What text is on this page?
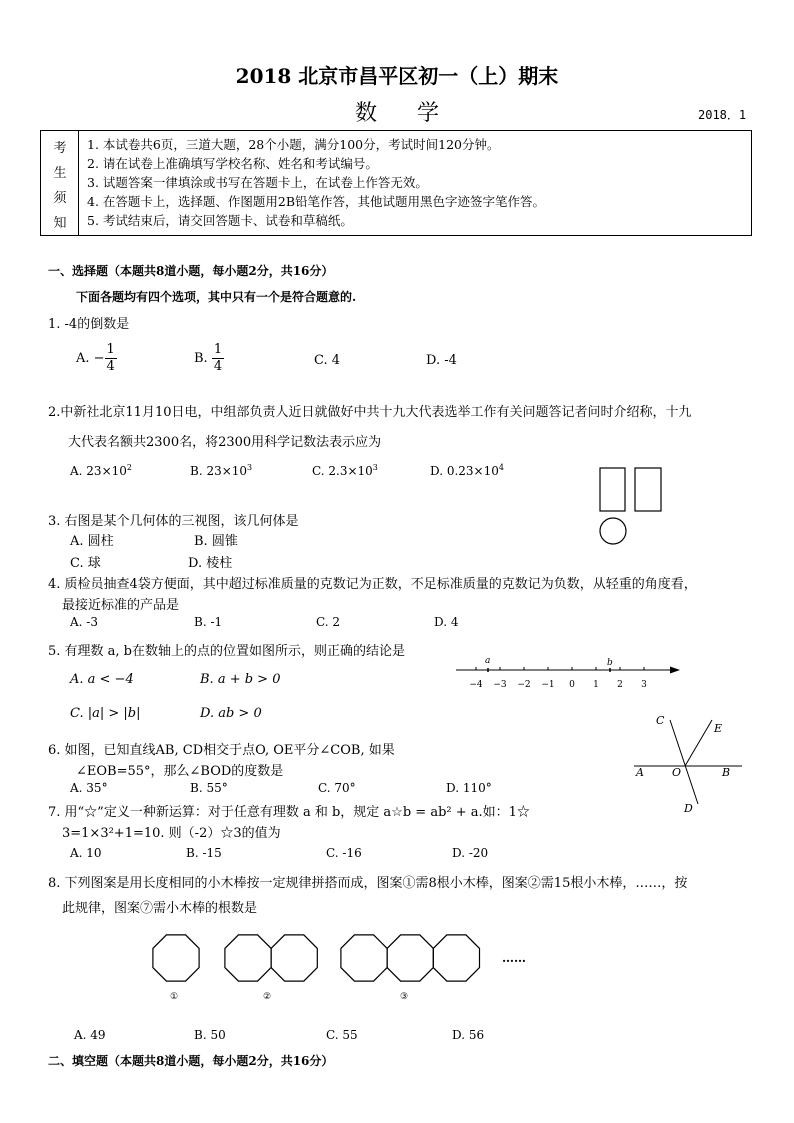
2018 北京市昌平区初一（上）期末
数学	2018．1
考
生
须
知
1. 本试卷共6页，三道大题，28个小题，满分100分，考试时间120分钟。
2. 请在试卷上准确填写学校名称、姓名和考试编号。
3. 试题答案一律填涂或书写在答题卡上，在试卷上作答无效。
4. 在答题卡上，选择题、作图题用2B铅笔作答，其他试题用黑色字迹签字笔作答。
5. 考试结束后，请交回答题卡、试卷和草稿纸。
一、选择题（本题共8道小题，每小题2分，共16分）
下面各题均有四个选项，其中只有一个是符合题意的.
1. -4的倒数是
A. − $\frac{1}{4}$	B. $\frac{1}{4}$	C. 4	D. -4
2.中新社北京11月10日电，中组部负责人近日就做好中共十九大代表选举工作有关问题答记者问时介绍称，十九
大代表名额共2300名，将2300用科学记数法表示应为
A. $23\times 10^2$	B. $23\times 10^3$	C. $2.3\times 10^3$	D. $0.23\times 10^4$
3. 右图是某个几何体的三视图，该几何体是
A. 圆柱	B. 圆锥
C. 球	D. 棱柱
4. 质检员抽查4袋方便面，其中超过标准质量的克数记为正数，不足标准质量的克数记为负数，从轻重的角度看，
最接近标准的产品是
A. -3	B. -1	C. 2	D. 4
5. 有理数 a, b在数轴上的点的位置如图所示，则正确的结论是
A. a < −4	B. a + b > 0
C. |a| > |b|	D. ab > 0
−4 −3 −2 −1 0 1 2 3
a	b
C
E
A	O	B
D
6. 如图，已知直线AB, CD相交于点O, OE平分∠COB, 如果
∠EOB=55°，那么∠BOD的度数是
A. 35°	B. 55°	C. 70°	D. 110°
7. 用“☆”定义一种新运算：对于任意有理数 a 和 b，规定 a☆b = ab² + a.如：1☆
3=1×3²+1=10. 则（-2）☆3的值为
A. 10	B. -15	C. -16	D. -20
8. 下列图案是用长度相同的小木棒按一定规律拼搭而成，图案①需8根小木棒，图案②需15根小木棒，……，按
此规律，图案⑦需小木棒的根数是
①	②	③
……
A. 49	B. 50	C. 55	D. 56
二、填空题（本题共8道小题，每小题2分，共16分）
